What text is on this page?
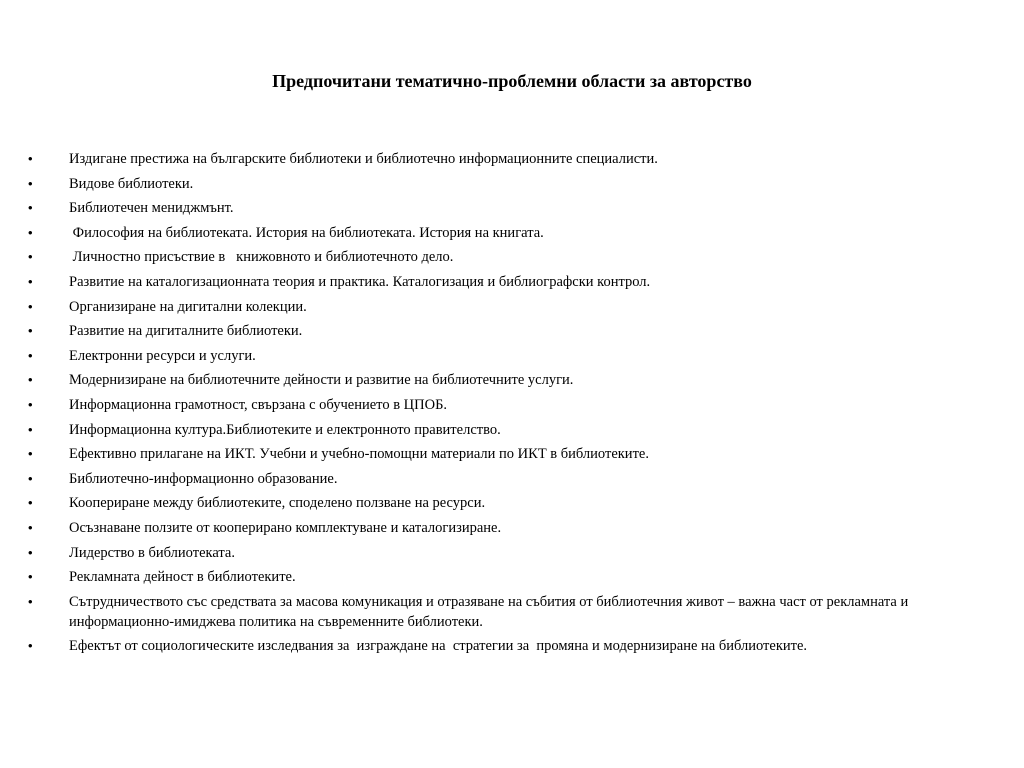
Предпочитани тематично-проблемни области за авторство
•	Издигане престижа на българските библиотеки и библиотечно информационните специалисти.
•	Видове библиотеки.
•	Библиотечен мениджмънт.
•	Философия на библиотеката. История на библиотеката. История на книгата.
•	Личностно присъствие в   книжовното и библиотечното дело.
•	Развитие на каталогизационната теория и практика. Каталогизация и библиографски контрол.
•	Организиране на дигитални колекции.
•	Развитие на дигиталните библиотеки.
•	Електронни ресурси и услуги.
•	Модернизиране на библиотечните дейности и развитие на библиотечните услуги.
•	Информационна грамотност, свързана с обучението в ЦПОБ.
•	Информационна култура.Библиотеките и електронното правителство.
•	Ефективно прилагане на ИКТ. Учебни и учебно-помощни материали по ИКТ в библиотеките.
•	Библиотечно-информационно образование.
•	Коопериране между библиотеките, споделено ползване на ресурси.
•	Осъзнаване ползите от кооперирано комплектуване и каталогизиране.
•	Лидерство в библиотеката.
•	Рекламната дейност в библиотеките.
•	Сътрудничеството със средствата за масова комуникация и отразяване на събития от библиотечния живот – важна част от рекламната и информационно-имиджева политика на съвременните библиотеки.
•	Ефектът от социологическите изследвания за  изграждане на  стратегии за  промяна и модернизиране на библиотеките.
